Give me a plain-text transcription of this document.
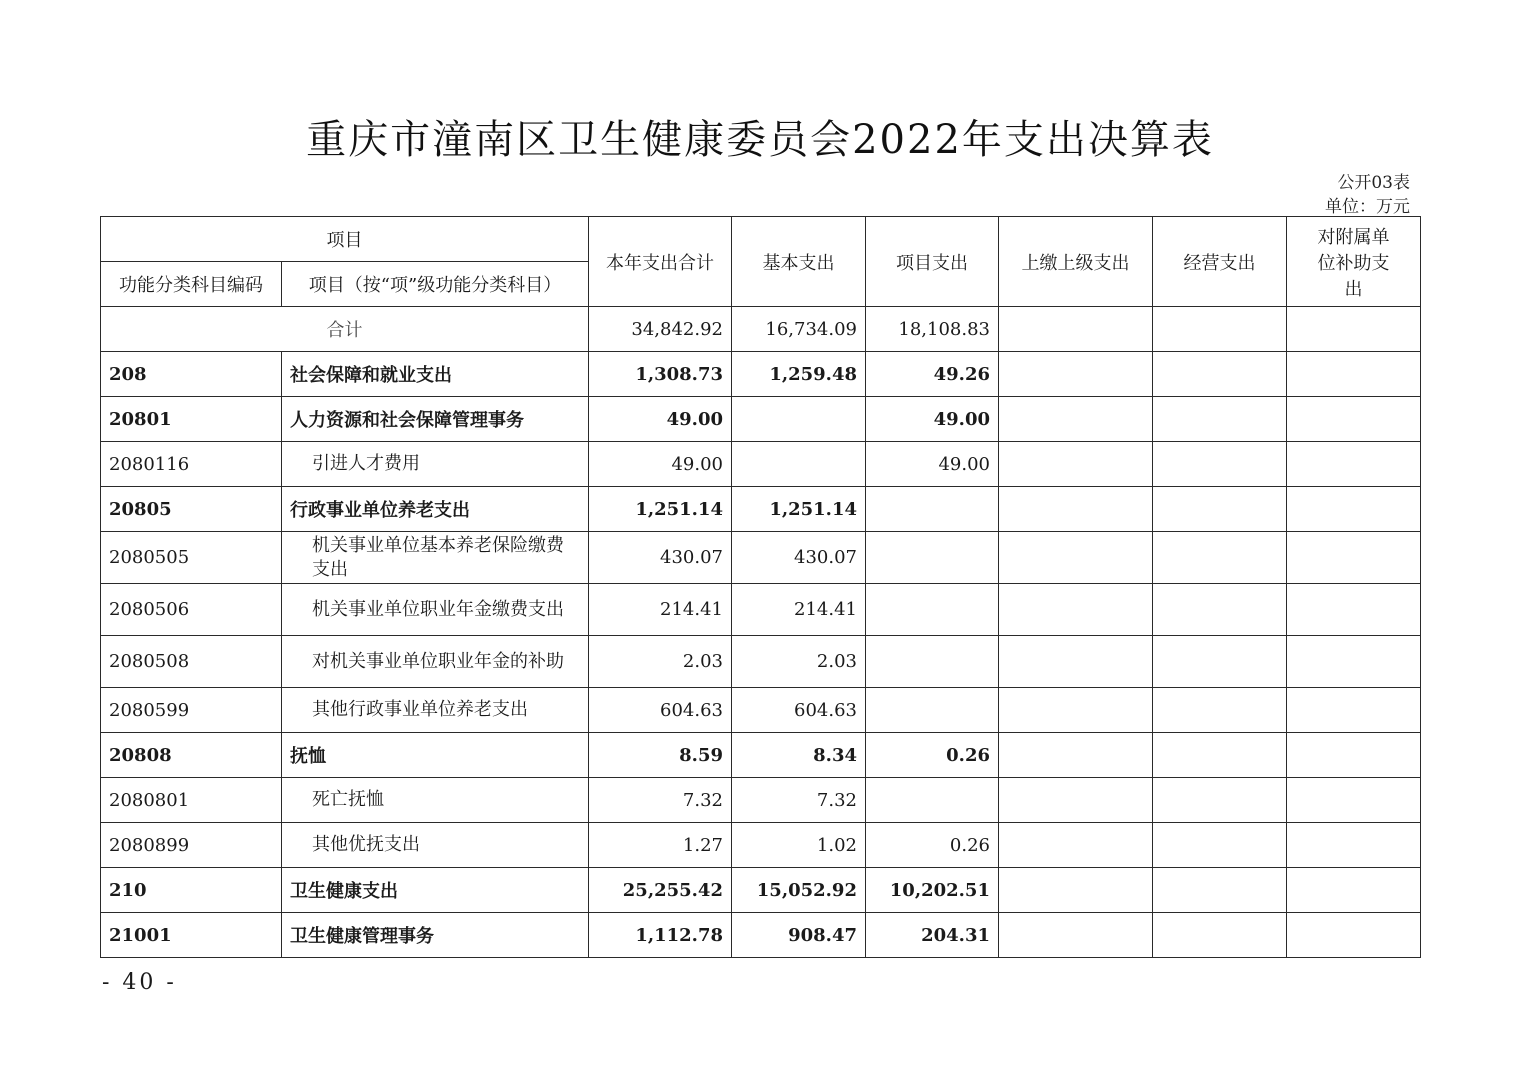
重庆市潼南区卫生健康委员会2022年支出决算表
公开03表
单位：万元
项目		本年支出合计	基本支出	项目支出	上缴上级支出	经营支出	对附属单位补助支出
功能分类科目编码	项目（按“项”级功能分类科目）						
合计		34,842.92	16,734.09	18,108.83			
208	社会保障和就业支出	1,308.73	1,259.48	49.26			
20801	人力资源和社会保障管理事务	49.00		49.00			
2080116	引进人才费用	49.00		49.00			
20805	行政事业单位养老支出	1,251.14	1,251.14				
2080505	机关事业单位基本养老保险缴费支出	430.07	430.07				
2080506	机关事业单位职业年金缴费支出	214.41	214.41				
2080508	对机关事业单位职业年金的补助	2.03	2.03				
2080599	其他行政事业单位养老支出	604.63	604.63				
20808	抚恤	8.59	8.34	0.26			
2080801	死亡抚恤	7.32	7.32				
2080899	其他优抚支出	1.27	1.02	0.26			
210	卫生健康支出	25,255.42	15,052.92	10,202.51			
21001	卫生健康管理事务	1,112.78	908.47	204.31			
- 40 -
